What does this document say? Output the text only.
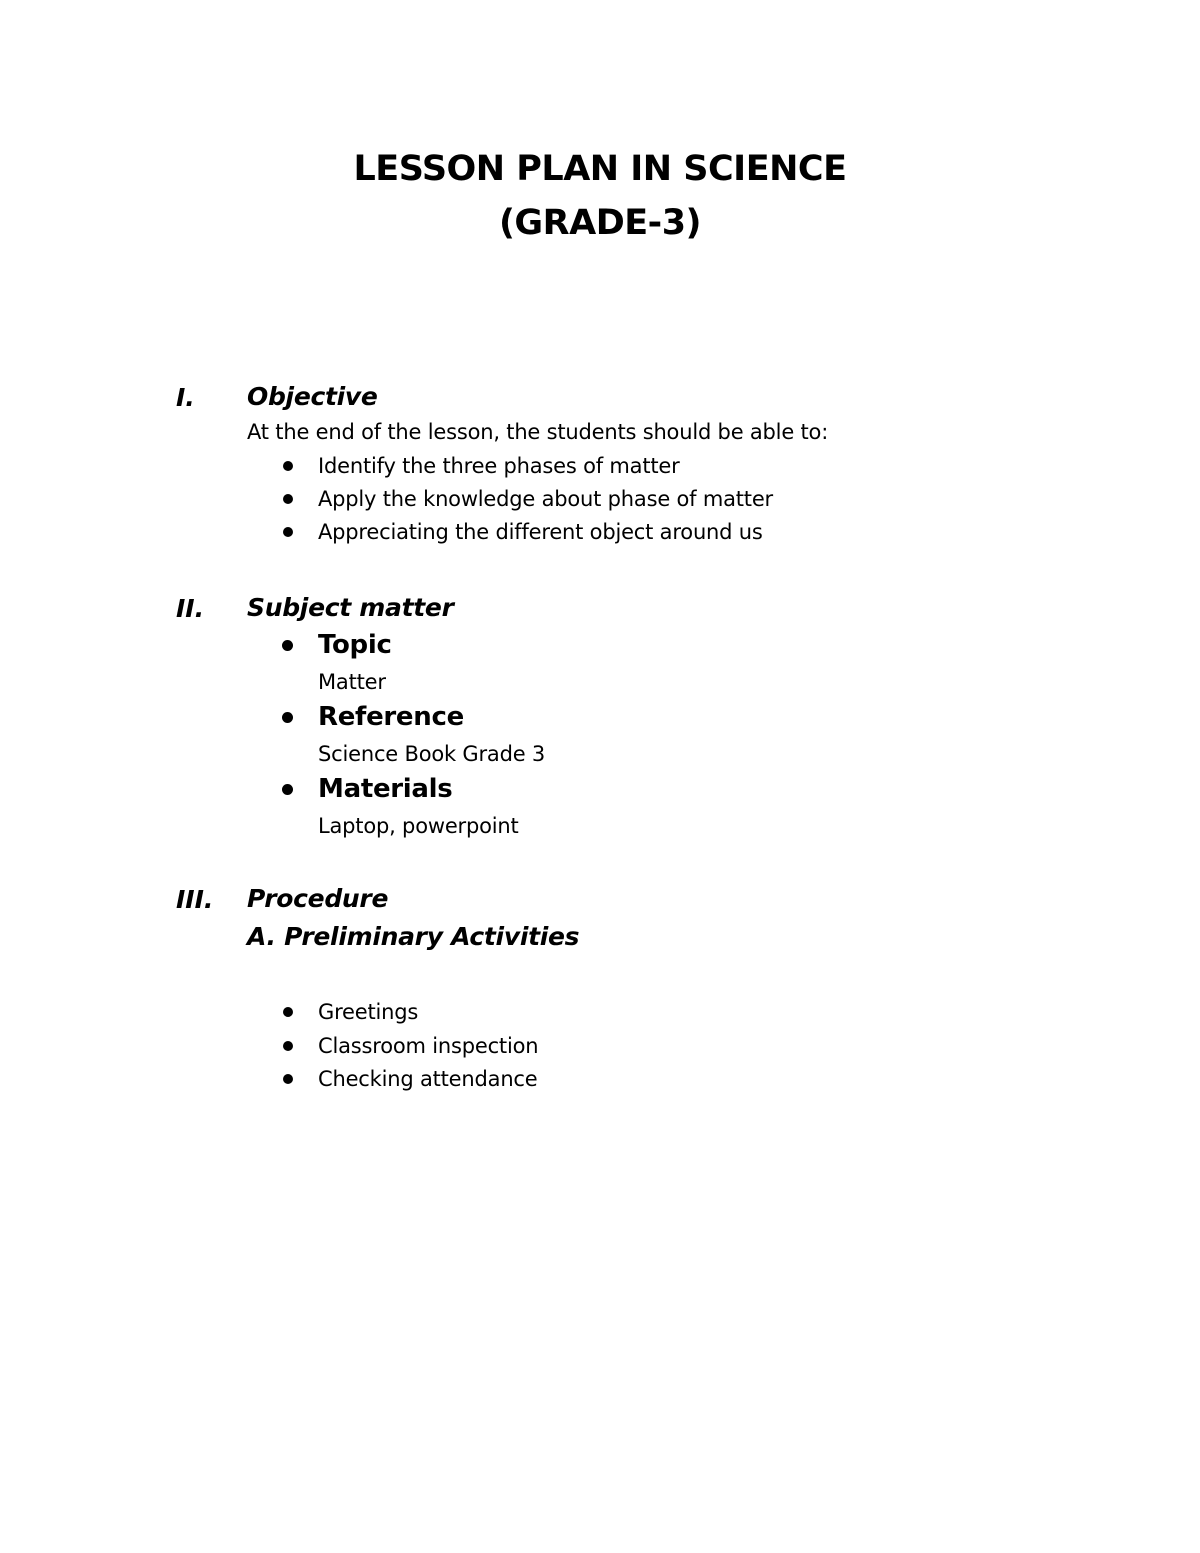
LESSON PLAN IN SCIENCE
(GRADE-3)
I. Objective
At the end of the lesson, the students should be able to:
Identify the three phases of matter
Apply the knowledge about phase of matter
Appreciating the different object around us
II. Subject matter
Topic
Matter
Reference
Science Book Grade 3
Materials
Laptop, powerpoint
III. Procedure
A. Preliminary Activities
Greetings
Classroom inspection
Checking attendance
